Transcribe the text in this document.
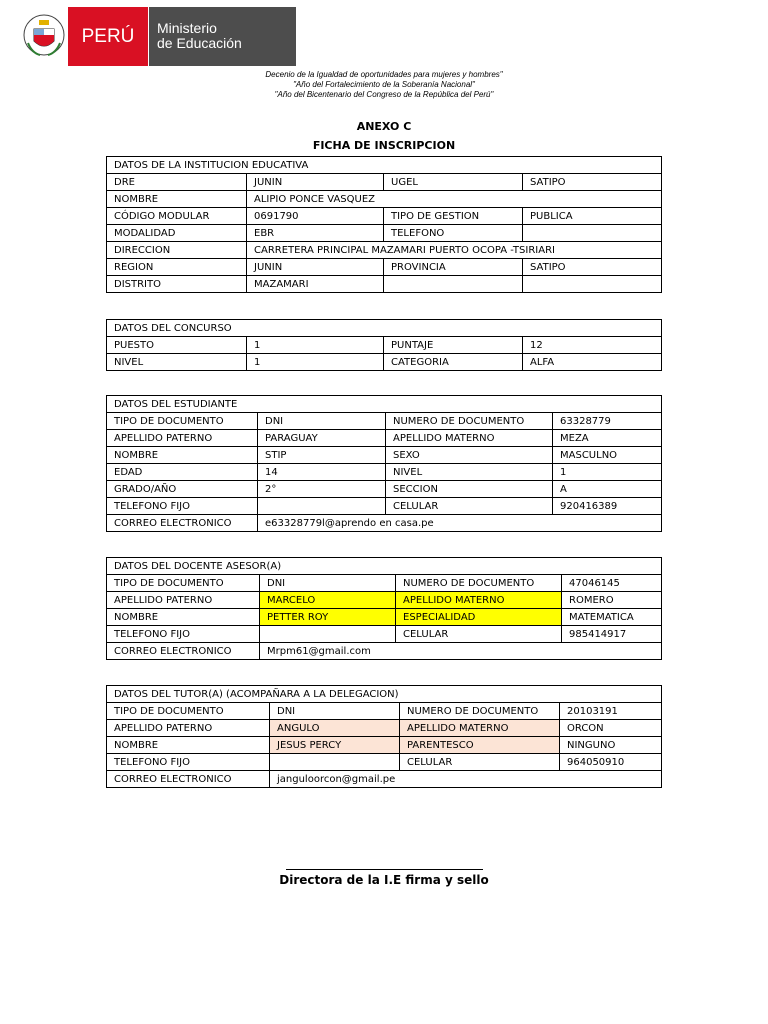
PERÚ	Ministerio
de Educación
Decenio de la Igualdad de oportunidades para mujeres y hombres"
"Año del Fortalecimiento de la Soberanía Nacional"
"Año del Bicentenario del Congreso de la República del Perú"
ANEXO C
FICHA DE INSCRIPCION
DATOS DE LA INSTITUCION EDUCATIVA			
DRE	JUNIN	UGEL	SATIPO
NOMBRE	ALIPIO PONCE VASQUEZ		
CÓDIGO MODULAR	0691790	TIPO DE GESTION	PUBLICA
MODALIDAD	EBR	TELEFONO	
DIRECCION	CARRETERA PRINCIPAL MAZAMARI PUERTO OCOPA -TSIRIARI		
REGION	JUNIN	PROVINCIA	SATIPO
DISTRITO	MAZAMARI		
DATOS DEL CONCURSO			
PUESTO	1	PUNTAJE	12
NIVEL	1	CATEGORIA	ALFA
DATOS DEL ESTUDIANTE			
TIPO DE DOCUMENTO	DNI	NUMERO DE DOCUMENTO	63328779
APELLIDO PATERNO	PARAGUAY	APELLIDO MATERNO	MEZA
NOMBRE	STIP	SEXO	MASCULNO
EDAD	14	NIVEL	1
GRADO/AÑO	2°	SECCION	A
TELEFONO FIJO		CELULAR	920416389
CORREO ELECTRONICO	e63328779l@aprendo en casa.pe		
DATOS DEL DOCENTE ASESOR(A)			
TIPO DE DOCUMENTO	DNI	NUMERO DE DOCUMENTO	47046145
APELLIDO PATERNO	MARCELO	APELLIDO MATERNO	ROMERO
NOMBRE	PETTER ROY	ESPECIALIDAD	MATEMATICA
TELEFONO FIJO		CELULAR	985414917
CORREO ELECTRONICO	Mrpm61@gmail.com		
DATOS DEL TUTOR(A) (ACOMPAÑARA A LA DELEGACION)			
TIPO DE DOCUMENTO	DNI	NUMERO DE DOCUMENTO	20103191
APELLIDO PATERNO	ANGULO	APELLIDO MATERNO	ORCON
NOMBRE	JESUS PERCY	PARENTESCO	NINGUNO
TELEFONO FIJO		CELULAR	964050910
CORREO ELECTRONICO	janguloorcon@gmail.pe		
Directora de la I.E firma y sello
